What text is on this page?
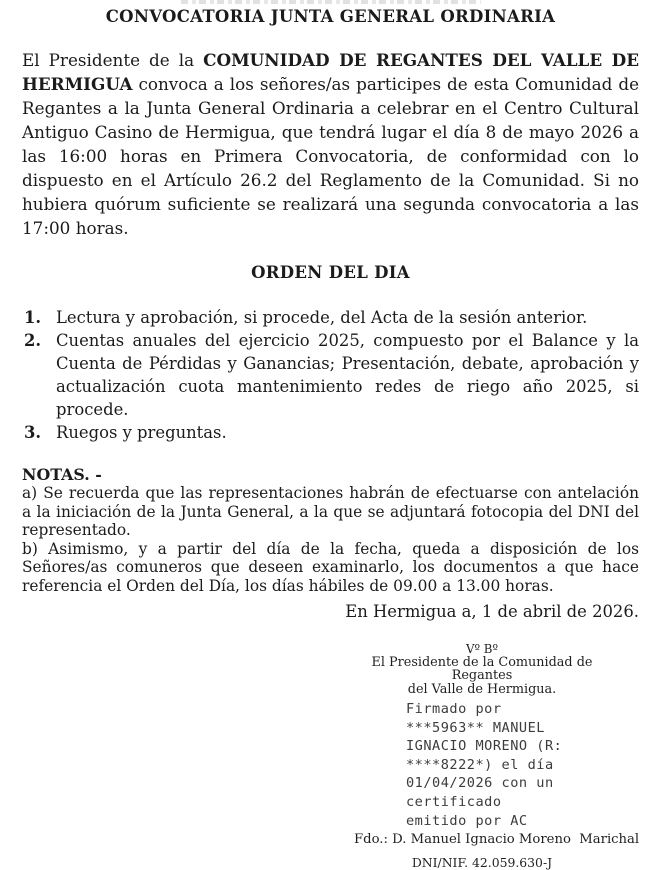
CONVOCATORIA JUNTA GENERAL ORDINARIA

El Presidente de la COMUNIDAD DE REGANTES DEL VALLE DE HERMIGUA convoca a los señores/as participes de esta Comunidad de Regantes a la Junta General Ordinaria a celebrar en el Centro Cultural Antiguo Casino de Hermigua, que tendrá lugar el día 8 de mayo 2026 a las 16:00 horas en Primera Convocatoria, de conformidad con lo dispuesto en el Artículo 26.2 del Reglamento de la Comunidad. Si no hubiera quórum suficiente se realizará una segunda convocatoria a las 17:00 horas.

ORDEN DEL DIA
1. Lectura y aprobación, si procede, del Acta de la sesión anterior.
2. Cuentas anuales del ejercicio 2025, compuesto por el Balance y la Cuenta de Pérdidas y Ganancias; Presentación, debate, aprobación y actualización cuota mantenimiento redes de riego año 2025, si procede.
3. Ruegos y preguntas.
NOTAS. -
a) Se recuerda que las representaciones habrán de efectuarse con antelación a la iniciación de la Junta General, a la que se adjuntará fotocopia del DNI del representado.
b) Asimismo, y a partir del día de la fecha, queda a disposición de los Señores/as comuneros que deseen examinarlo, los documentos a que hace referencia el Orden del Día, los días hábiles de 09.00 a 13.00 horas.
En Hermigua a, 1 de abril de 2026.
Vº Bº
El Presidente de la Comunidad de Regantes
del Valle de Hermigua.
Firmado por
***5963** MANUEL
IGNACIO MORENO (R:
****8222*) el día
01/04/2026 con un
certificado
emitido por AC
Fdo.: D. Manuel Ignacio Moreno  Marichal
DNI/NIF. 42.059.630-J
